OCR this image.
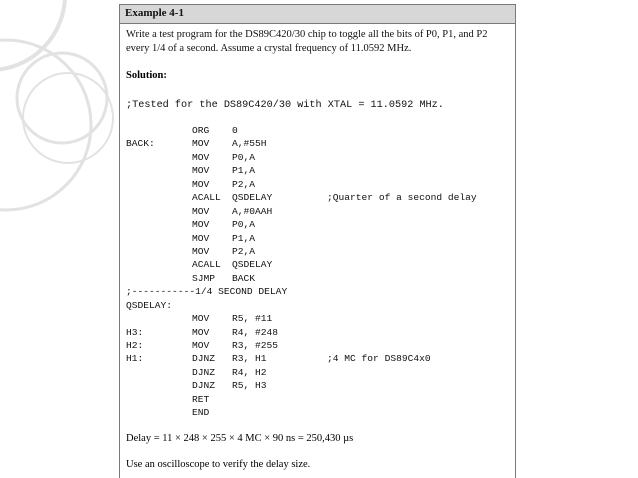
Example 4-1
Write a test program for the DS89C420/30 chip to toggle all the bits of P0, P1, and P2 every 1/4 of a second. Assume a crystal frequency of 11.0592 MHz.
Solution:
;Tested for the DS89C420/30 with XTAL = 11.0592 MHz.
ORG 0
BACK:	MOV A,#55H
MOV P0,A
MOV P1,A
MOV P2,A
ACALL QSDELAY	;Quarter of a second delay
MOV A,#0AAH
MOV P0,A
MOV P1,A
MOV P2,A
ACALL QSDELAY
SJMP BACK
;-----------1/4 SECOND DELAY
QSDELAY:
MOV R5, #11
H3:	MOV R4, #248
H2:	MOV R3, #255
H1:	DJNZ R3, H1	;4 MC for DS89C4x0
DJNZ R4, H2
DJNZ R5, H3
RET
END
Delay = 11 × 248 × 255 × 4 MC × 90 ns = 250,430 µs
Use an oscilloscope to verify the delay size.
